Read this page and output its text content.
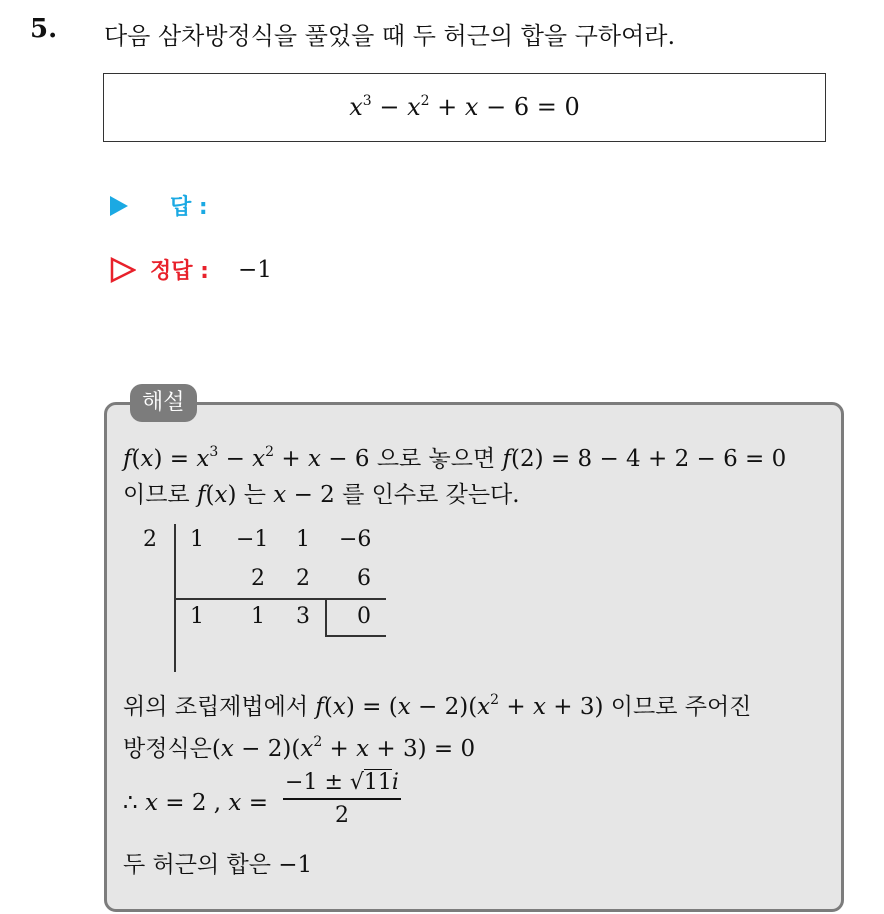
5. 다음 삼차방정식을 풀었을 때 두 허근의 합을 구하여라.
$x^3 - x^2 + x - 6 = 0$
답 :
정답 : −1
해설
$f(x) = x^3 - x^2 + x - 6$ 으로 놓으면 f(2) = 8 − 4 + 2 − 6 = 0
이므로 f(x) 는 x − 2 를 인수로 갖는다.
2 1 −1 1 −6
2 2 6
1 1 3 0
위의 조립제법에서 $f(x) = (x - 2)(x^2 + x + 3)$ 이므로 주어진
방정식은$(x - 2)(x^2 + x + 3) = 0$
∴ x = 2 , x =
−1 ± √11i
2
두 허근의 합은 −1
